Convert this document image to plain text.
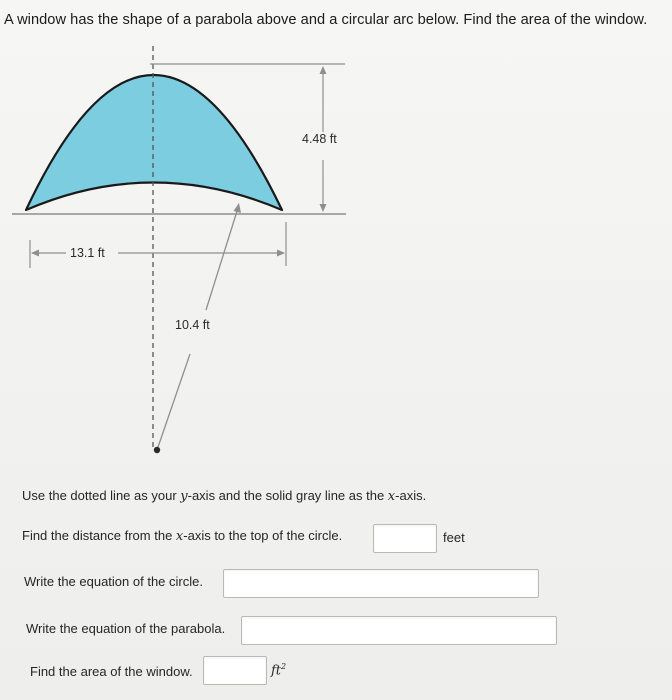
A window has the shape of a parabola above and a circular arc below. Find the area of the window.
4.48 ft
13.1 ft
10.4 ft
Use the dotted line as your y-axis and the solid gray line as the x-axis.
Find the distance from the x-axis to the top of the circle.	feet
Write the equation of the circle.
Write the equation of the parabola.
Find the area of the window.	$ft^2$
